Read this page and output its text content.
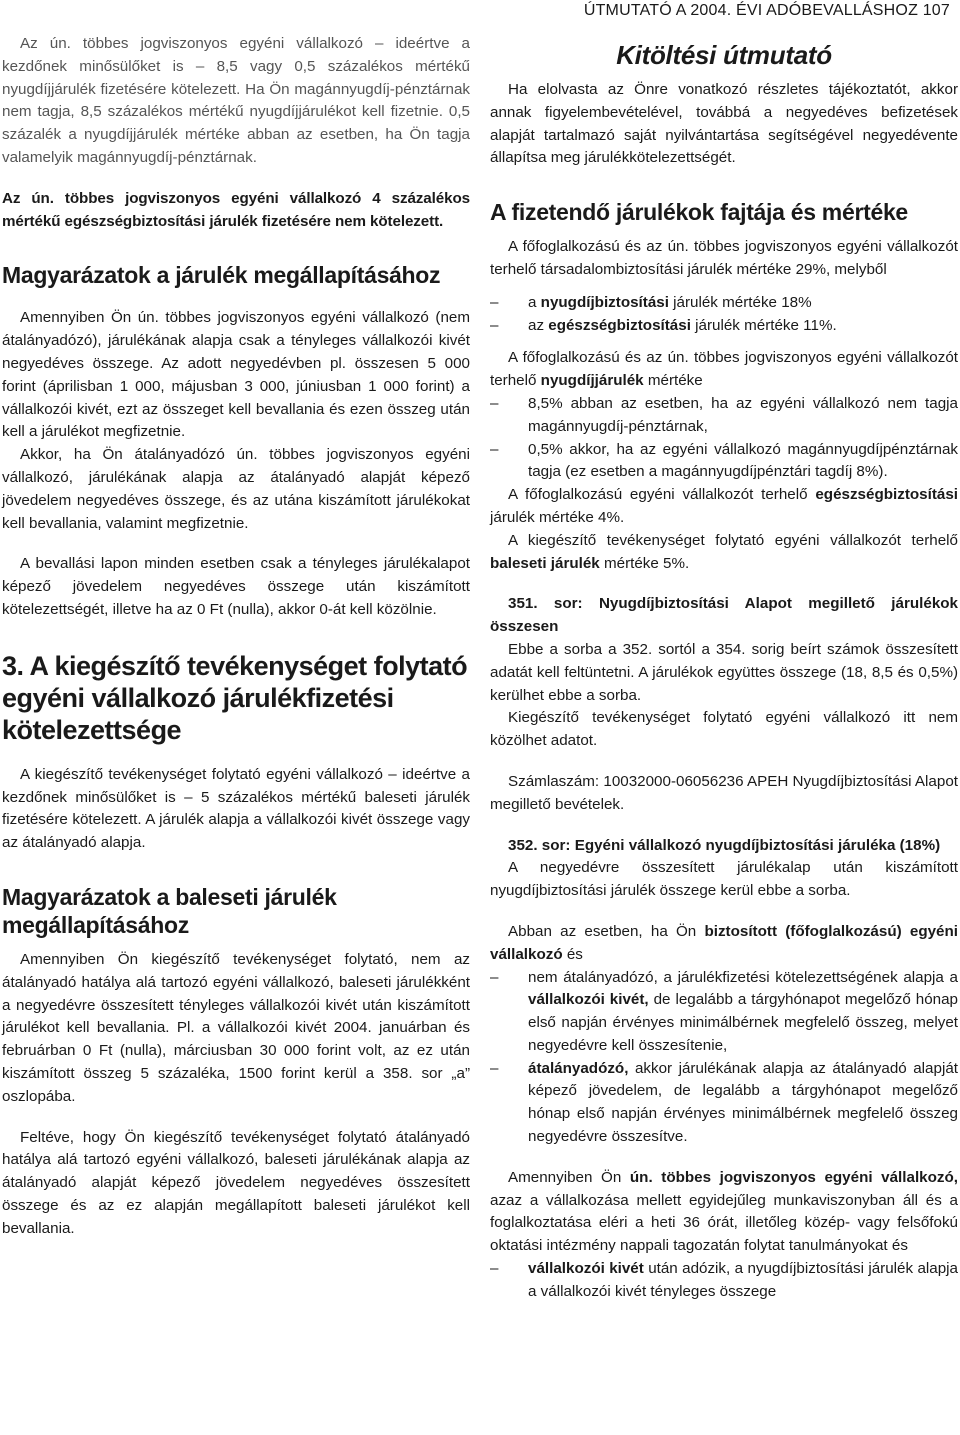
ÚTMUTATÓ A 2004. ÉVI ADÓBEVALLÁSHOZ 107

Az ún. többes jogviszonyos egyéni vállalkozó – ideértve a kezdőnek minősülőket is – 8,5 vagy 0,5 százalékos mértékű nyugdíjjárulék fizetésére kötelezett. Ha Ön magánnyugdíj-pénztárnak nem tagja, 8,5 százalékos mértékű nyugdíjjárulékot kell fizetnie. 0,5 százalék a nyugdíjjárulék mértéke abban az esetben, ha Ön tagja valamelyik magánnyugdíj-pénztárnak.

Az ún. többes jogviszonyos egyéni vállalkozó 4 százalékos mértékű egészségbiztosítási járulék fizetésére nem kötelezett.

Magyarázatok a járulék megállapításához

Amennyiben Ön ún. többes jogviszonyos egyéni vállalkozó (nem átalányadózó), járulékának alapja csak a tényleges vállalkozói kivét negyedéves összege. Az adott negyedévben pl. összesen 5 000 forint (áprilisban 1 000, májusban 3 000, júniusban 1 000 forint) a vállalkozói kivét, ezt az összeget kell bevallania és ezen összeg után kell a járulékot megfizetnie.

Akkor, ha Ön átalányadózó ún. többes jogviszonyos egyéni vállalkozó, járulékának alapja az átalányadó alapját képező jövedelem negyedéves összege, és az utána kiszámított járulékokat kell bevallania, valamint megfizetnie.

A bevallási lapon minden esetben csak a tényleges járulékalapot képező jövedelem negyedéves összege után kiszámított kötelezettségét, illetve ha az 0 Ft (nulla), akkor 0-át kell közölnie.

3. A kiegészítő tevékenységet folytató egyéni vállalkozó járulékfizetési kötelezettsége

A kiegészítő tevékenységet folytató egyéni vállalkozó – ideértve a kezdőnek minősülőket is – 5 százalékos mértékű baleseti járulék fizetésére kötelezett. A járulék alapja a vállalkozói kivét összege vagy az átalányadó alapja.

Magyarázatok a baleseti járulék megállapításához

Amennyiben Ön kiegészítő tevékenységet folytató, nem az átalányadó hatálya alá tartozó egyéni vállalkozó, baleseti járulékként a negyedévre összesített tényleges vállalkozói kivét után kiszámított járulékot kell bevallania. Pl. a vállalkozói kivét 2004. januárban és februárban 0 Ft (nulla), márciusban 30 000 forint volt, az ez után kiszámított összeg 5 százaléka, 1500 forint kerül a 358. sor „a” oszlopába.

Feltéve, hogy Ön kiegészítő tevékenységet folytató átalányadó hatálya alá tartozó egyéni vállalkozó, baleseti járulékának alapja az átalányadó alapját képező jövedelem negyedéves összesített összege és az ez alapján megállapított baleseti járulékot kell bevallania.

Kitöltési útmutató

Ha elolvasta az Önre vonatkozó részletes tájékoztatót, akkor annak figyelembevételével, továbbá a negyedéves befizetések alapját tartalmazó saját nyilvántartása segítségével negyedévente állapítsa meg járulékkötelezettségét.

A fizetendő járulékok fajtája és mértéke

A főfoglalkozású és az ún. többes jogviszonyos egyéni vállalkozót terhelő társadalombiztosítási járulék mértéke 29%, melyből

– a nyugdíjbiztosítási járulék mértéke 18%

– az egészségbiztosítási járulék mértéke 11%.

A főfoglalkozású és az ún. többes jogviszonyos egyéni vállalkozót terhelő nyugdíjjárulék mértéke

– 8,5% abban az esetben, ha az egyéni vállalkozó nem tagja magánnyugdíj-pénztárnak,

– 0,5% akkor, ha az egyéni vállalkozó magánnyugdíjpénztárnak tagja (ez esetben a magánnyugdíjpénztári tagdíj 8%).

A főfoglalkozású egyéni vállalkozót terhelő egészségbiztosítási járulék mértéke 4%.

A kiegészítő tevékenységet folytató egyéni vállalkozót terhelő baleseti járulék mértéke 5%.

351. sor: Nyugdíjbiztosítási Alapot megillető járulékok összesen

Ebbe a sorba a 352. sortól a 354. sorig beírt számok összesített adatát kell feltüntetni. A járulékok együttes összege (18, 8,5 és 0,5%) kerülhet ebbe a sorba.

Kiegészítő tevékenységet folytató egyéni vállalkozó itt nem közölhet adatot.

Számlaszám: 10032000-06056236 APEH Nyugdíjbiztosítási Alapot megillető bevételek.

352. sor: Egyéni vállalkozó nyugdíjbiztosítási járuléka (18%)

A negyedévre összesített járulékalap után kiszámított nyugdíjbiztosítási járulék összege kerül ebbe a sorba.

Abban az esetben, ha Ön biztosított (főfoglalkozású) egyéni vállalkozó és

– nem átalányadózó, a járulékfizetési kötelezettségének alapja a vállalkozói kivét, de legalább a tárgyhónapot megelőző hónap első napján érvényes minimálbérnek megfelelő összeg, melyet negyedévre kell összesítenie,

– átalányadózó, akkor járulékának alapja az átalányadó alapját képező jövedelem, de legalább a tárgyhónapot megelőző hónap első napján érvényes minimálbérnek megfelelő összeg negyedévre összesítve.

Amennyiben Ön ún. többes jogviszonyos egyéni vállalkozó, azaz a vállalkozása mellett egyidejűleg munkaviszonyban áll és a foglalkoztatása eléri a heti 36 órát, illetőleg közép- vagy felsőfokú oktatási intézmény nappali tagozatán folytat tanulmányokat és

– vállalkozói kivét után adózik, a nyugdíjbiztosítási járulék alapja a vállalkozói kivét tényleges összege
